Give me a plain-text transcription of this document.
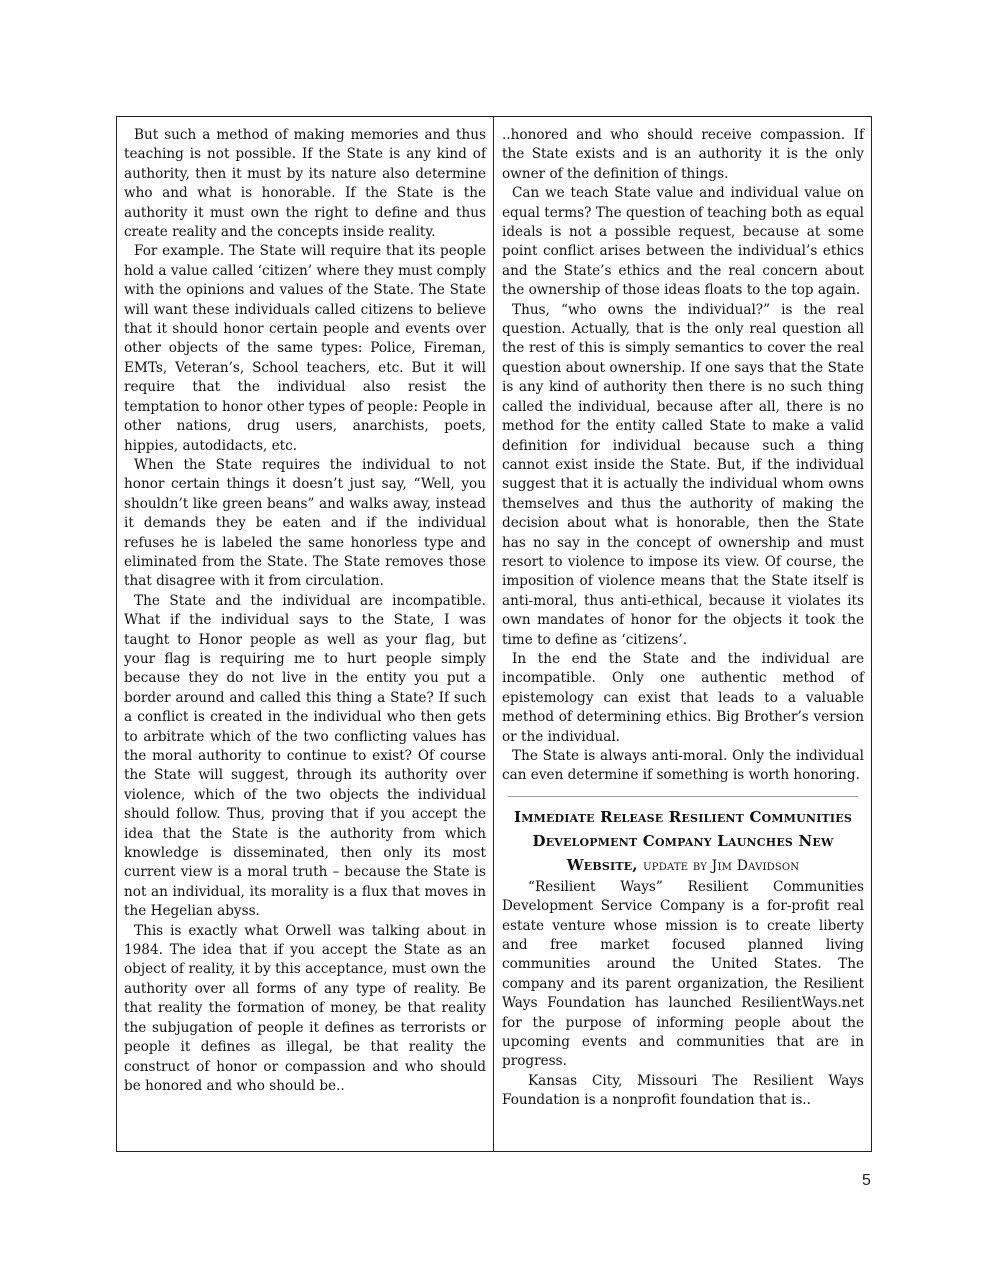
But such a method of making memories and thus teaching is not possible. If the State is any kind of authority, then it must by its nature also determine who and what is honorable. If the State is the authority it must own the right to define and thus create reality and the concepts inside reality.

For example. The State will require that its people hold a value called ‘citizen’ where they must comply with the opinions and values of the State. The State will want these individuals called citizens to believe that it should honor certain people and events over other objects of the same types: Police, Fireman, EMTs, Veteran’s, School teachers, etc. But it will require that the individual also resist the temptation to honor other types of people: People in other nations, drug users, anarchists, poets, hippies, autodidacts, etc.

When the State requires the individual to not honor certain things it doesn’t just say, “Well, you shouldn’t like green beans” and walks away, instead it demands they be eaten and if the individual refuses he is labeled the same honorless type and eliminated from the State. The State removes those that disagree with it from circulation.

The State and the individual are incompatible. What if the individual says to the State, I was taught to Honor people as well as your flag, but your flag is requiring me to hurt people simply because they do not live in the entity you put a border around and called this thing a State? If such a conflict is created in the individual who then gets to arbitrate which of the two conflicting values has the moral authority to continue to exist? Of course the State will suggest, through its authority over violence, which of the two objects the individual should follow. Thus, proving that if you accept the idea that the State is the authority from which knowledge is disseminated, then only its most current view is a moral truth – because the State is not an individual, its morality is a flux that moves in the Hegelian abyss.

This is exactly what Orwell was talking about in 1984. The idea that if you accept the State as an object of reality, it by this acceptance, must own the authority over all forms of any type of reality. Be that reality the formation of money, be that reality the subjugation of people it defines as terrorists or people it defines as illegal, be that reality the construct of honor or compassion and who should be honored and who should be..

..honored and who should receive compassion. If the State exists and is an authority it is the only owner of the definition of things.

Can we teach State value and individual value on equal terms? The question of teaching both as equal ideals is not a possible request, because at some point conflict arises between the individual’s ethics and the State’s ethics and the real concern about the ownership of those ideas floats to the top again.

Thus, “who owns the individual?” is the real question. Actually, that is the only real question all the rest of this is simply semantics to cover the real question about ownership. If one says that the State is any kind of authority then there is no such thing called the individual, because after all, there is no method for the entity called State to make a valid definition for individual because such a thing cannot exist inside the State. But, if the individual suggest that it is actually the individual whom owns themselves and thus the authority of making the decision about what is honorable, then the State has no say in the concept of ownership and must resort to violence to impose its view. Of course, the imposition of violence means that the State itself is anti-moral, thus anti-ethical, because it violates its own mandates of honor for the objects it took the time to define as ‘citizens’.

In the end the State and the individual are incompatible. Only one authentic method of epistemology can exist that leads to a valuable method of determining ethics. Big Brother’s version or the individual.

The State is always anti-moral. Only the individual can even determine if something is worth honoring.

Immediate Release Resilient Communities Development Company Launches New Website, update by Jim Davidson

“Resilient Ways” Resilient Communities Development Service Company is a for-profit real estate venture whose mission is to create liberty and free market focused planned living communities around the United States. The company and its parent organization, the Resilient Ways Foundation has launched ResilientWays.net for the purpose of informing people about the upcoming events and communities that are in progress.

Kansas City, Missouri The Resilient Ways Foundation is a nonprofit foundation that is..

5
